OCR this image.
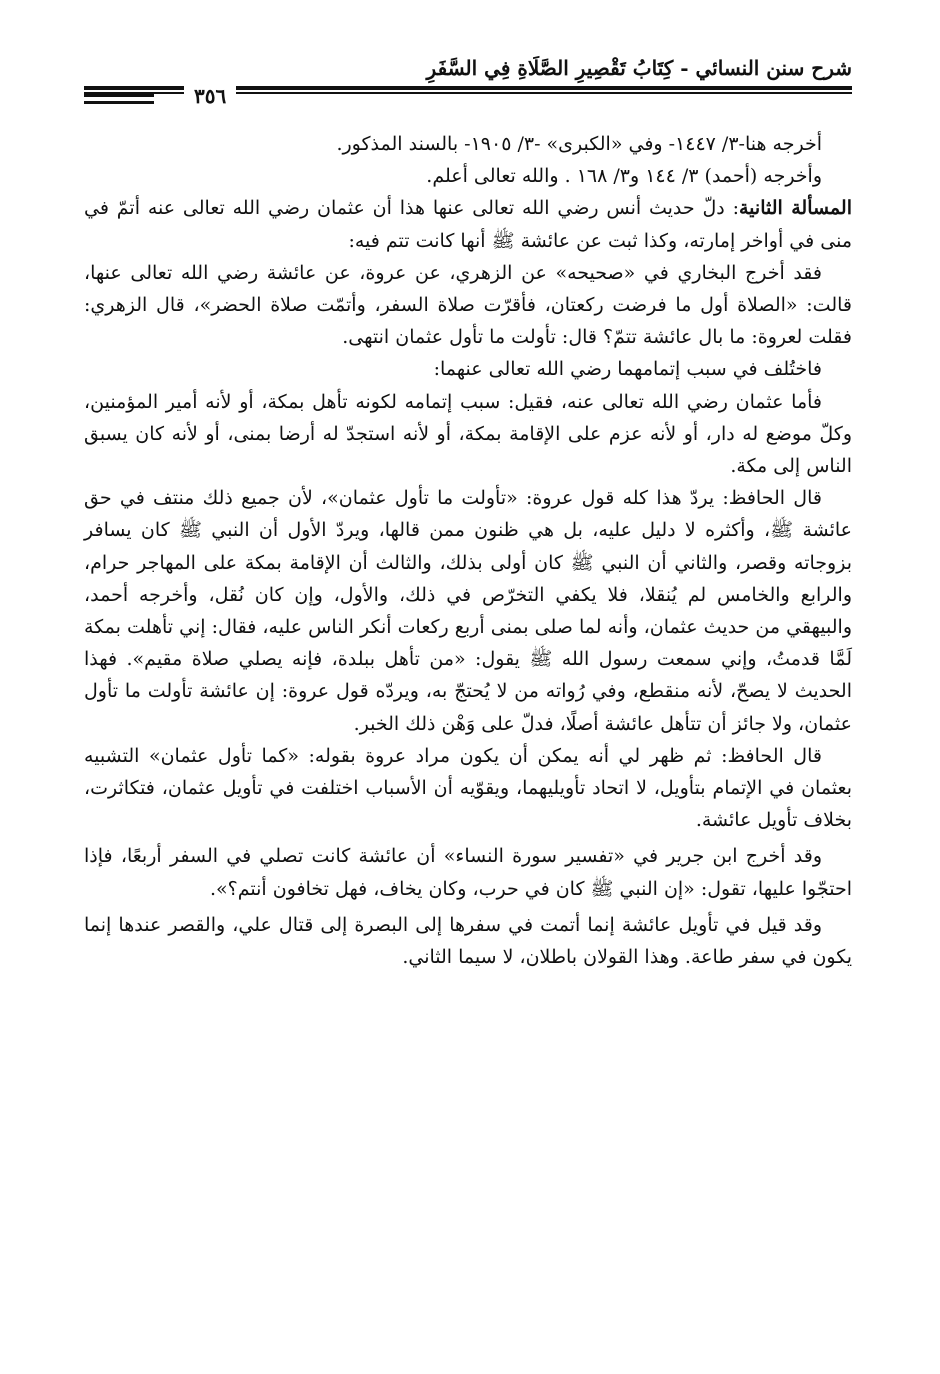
شرح سنن النسائي - كِتَابُ تَقْصِيرِ الصَّلَاةِ فِي السَّفَرِ
٣٥٦

أخرجه هنا-٣/ ١٤٤٧- وفي «الكبرى» -٣/ ١٩٠٥- بالسند المذكور.

وأخرجه (أحمد) ٣/ ١٤٤ و٣/ ١٦٨ . والله تعالى أعلم.

المسألة الثانية: دلّ حديث أنس رضي الله تعالى عنها هذا أن عثمان رضي الله تعالى عنه أتمّ في منى في أواخر إمارته، وكذا ثبت عن عائشة ﷺ أنها كانت تتم فيه:

فقد أخرج البخاري في «صحيحه» عن الزهري، عن عروة، عن عائشة رضي الله تعالى عنها، قالت: «الصلاة أول ما فرضت ركعتان، فأقرّت صلاة السفر، وأتمّت صلاة الحضر»، قال الزهري: فقلت لعروة: ما بال عائشة تتمّ؟ قال: تأولت ما تأول عثمان انتهى.

فاختُلف في سبب إتمامهما رضي الله تعالى عنهما:

فأما عثمان رضي الله تعالى عنه، فقيل: سبب إتمامه لكونه تأهل بمكة، أو لأنه أمير المؤمنين، وكلّ موضع له دار، أو لأنه عزم على الإقامة بمكة، أو لأنه استجدّ له أرضا بمنى، أو لأنه كان يسبق الناس إلى مكة.

قال الحافظ: يردّ هذا كله قول عروة: «تأولت ما تأول عثمان»، لأن جميع ذلك منتف في حق عائشة ﷺ، وأكثره لا دليل عليه، بل هي ظنون ممن قالها، ويردّ الأول أن النبي ﷺ كان يسافر بزوجاته وقصر، والثاني أن النبي ﷺ كان أولى بذلك، والثالث أن الإقامة بمكة على المهاجر حرام، والرابع والخامس لم يُنقلا، فلا يكفي التخرّص في ذلك، والأول، وإن كان نُقل، وأخرجه أحمد، والبيهقي من حديث عثمان، وأنه لما صلى بمنى أربع ركعات أنكر الناس عليه، فقال: إني تأهلت بمكة لَمَّا قدمتُ، وإني سمعت رسول الله ﷺ يقول: «من تأهل ببلدة، فإنه يصلي صلاة مقيم». فهذا الحديث لا يصحّ، لأنه منقطع، وفي رُواته من لا يُحتجّ به، ويردّه قول عروة: إن عائشة تأولت ما تأول عثمان، ولا جائز أن تتأهل عائشة أصلًا، فدلّ على وَهْن ذلك الخبر.

قال الحافظ: ثم ظهر لي أنه يمكن أن يكون مراد عروة بقوله: «كما تأول عثمان» التشبيه بعثمان في الإتمام بتأويل، لا اتحاد تأويليهما، ويقوّيه أن الأسباب اختلفت في تأويل عثمان، فتكاثرت، بخلاف تأويل عائشة.

وقد أخرج ابن جرير في «تفسير سورة النساء» أن عائشة كانت تصلي في السفر أربعًا، فإذا احتجّوا عليها، تقول: «إن النبي ﷺ كان في حرب، وكان يخاف، فهل تخافون أنتم؟».

وقد قيل في تأويل عائشة إنما أتمت في سفرها إلى البصرة إلى قتال علي، والقصر عندها إنما يكون في سفر طاعة. وهذا القولان باطلان، لا سيما الثاني.
